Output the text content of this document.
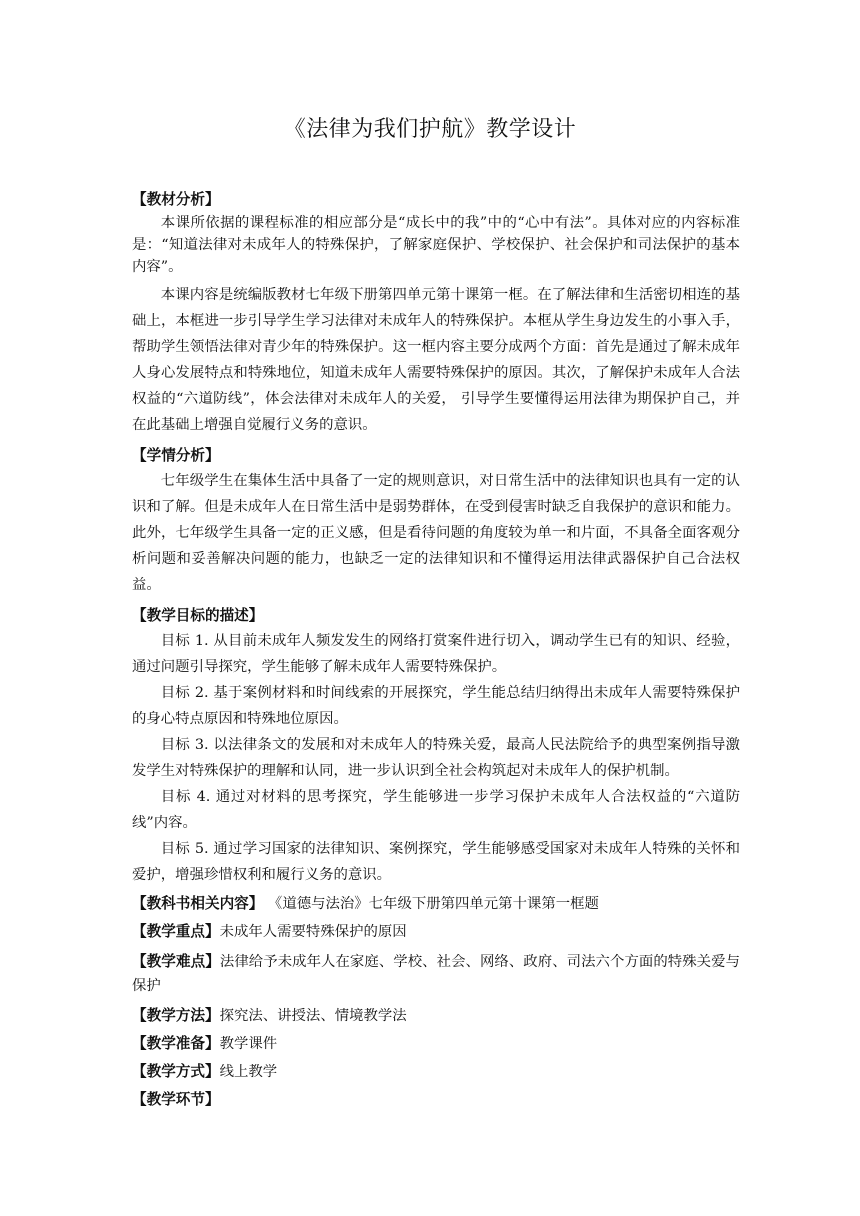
《法律为我们护航》教学设计
【教材分析】

本课所依据的课程标准的相应部分是“成长中的我”中的“心中有法”。具体对应的内容标准是：“知道法律对未成年人的特殊保护，了解家庭保护、学校保护、社会保护和司法保护的基本内容”。

本课内容是统编版教材七年级下册第四单元第十课第一框。在了解法律和生活密切相连的基础上，本框进一步引导学生学习法律对未成年人的特殊保护。本框从学生身边发生的小事入手，帮助学生领悟法律对青少年的特殊保护。这一框内容主要分成两个方面：首先是通过了解未成年人身心发展特点和特殊地位，知道未成年人需要特殊保护的原因。其次，了解保护未成年人合法权益的“六道防线”，体会法律对未成年人的关爱， 引导学生要懂得运用法律为期保护自己，并在此基础上增强自觉履行义务的意识。

【学情分析】

七年级学生在集体生活中具备了一定的规则意识，对日常生活中的法律知识也具有一定的认识和了解。但是未成年人在日常生活中是弱势群体，在受到侵害时缺乏自我保护的意识和能力。此外，七年级学生具备一定的正义感，但是看待问题的角度较为单一和片面，不具备全面客观分析问题和妥善解决问题的能力，也缺乏一定的法律知识和不懂得运用法律武器保护自己合法权益。

【教学目标的描述】

目标 1. 从目前未成年人频发发生的网络打赏案件进行切入，调动学生已有的知识、经验，通过问题引导探究，学生能够了解未成年人需要特殊保护。

目标 2. 基于案例材料和时间线索的开展探究，学生能总结归纳得出未成年人需要特殊保护的身心特点原因和特殊地位原因。

目标 3. 以法律条文的发展和对未成年人的特殊关爱，最高人民法院给予的典型案例指导激发学生对特殊保护的理解和认同，进一步认识到全社会构筑起对未成年人的保护机制。

目标 4. 通过对材料的思考探究，学生能够进一步学习保护未成年人合法权益的“六道防线”内容。

目标 5. 通过学习国家的法律知识、案例探究，学生能够感受国家对未成年人特殊的关怀和爱护，增强珍惜权利和履行义务的意识。

【教科书相关内容】 《道德与法治》七年级下册第四单元第十课第一框题
【教学重点】未成年人需要特殊保护的原因
【教学难点】法律给予未成年人在家庭、学校、社会、网络、政府、司法六个方面的特殊关爱与保护
【教学方法】探究法、讲授法、情境教学法
【教学准备】教学课件
【教学方式】线上教学
【教学环节】
